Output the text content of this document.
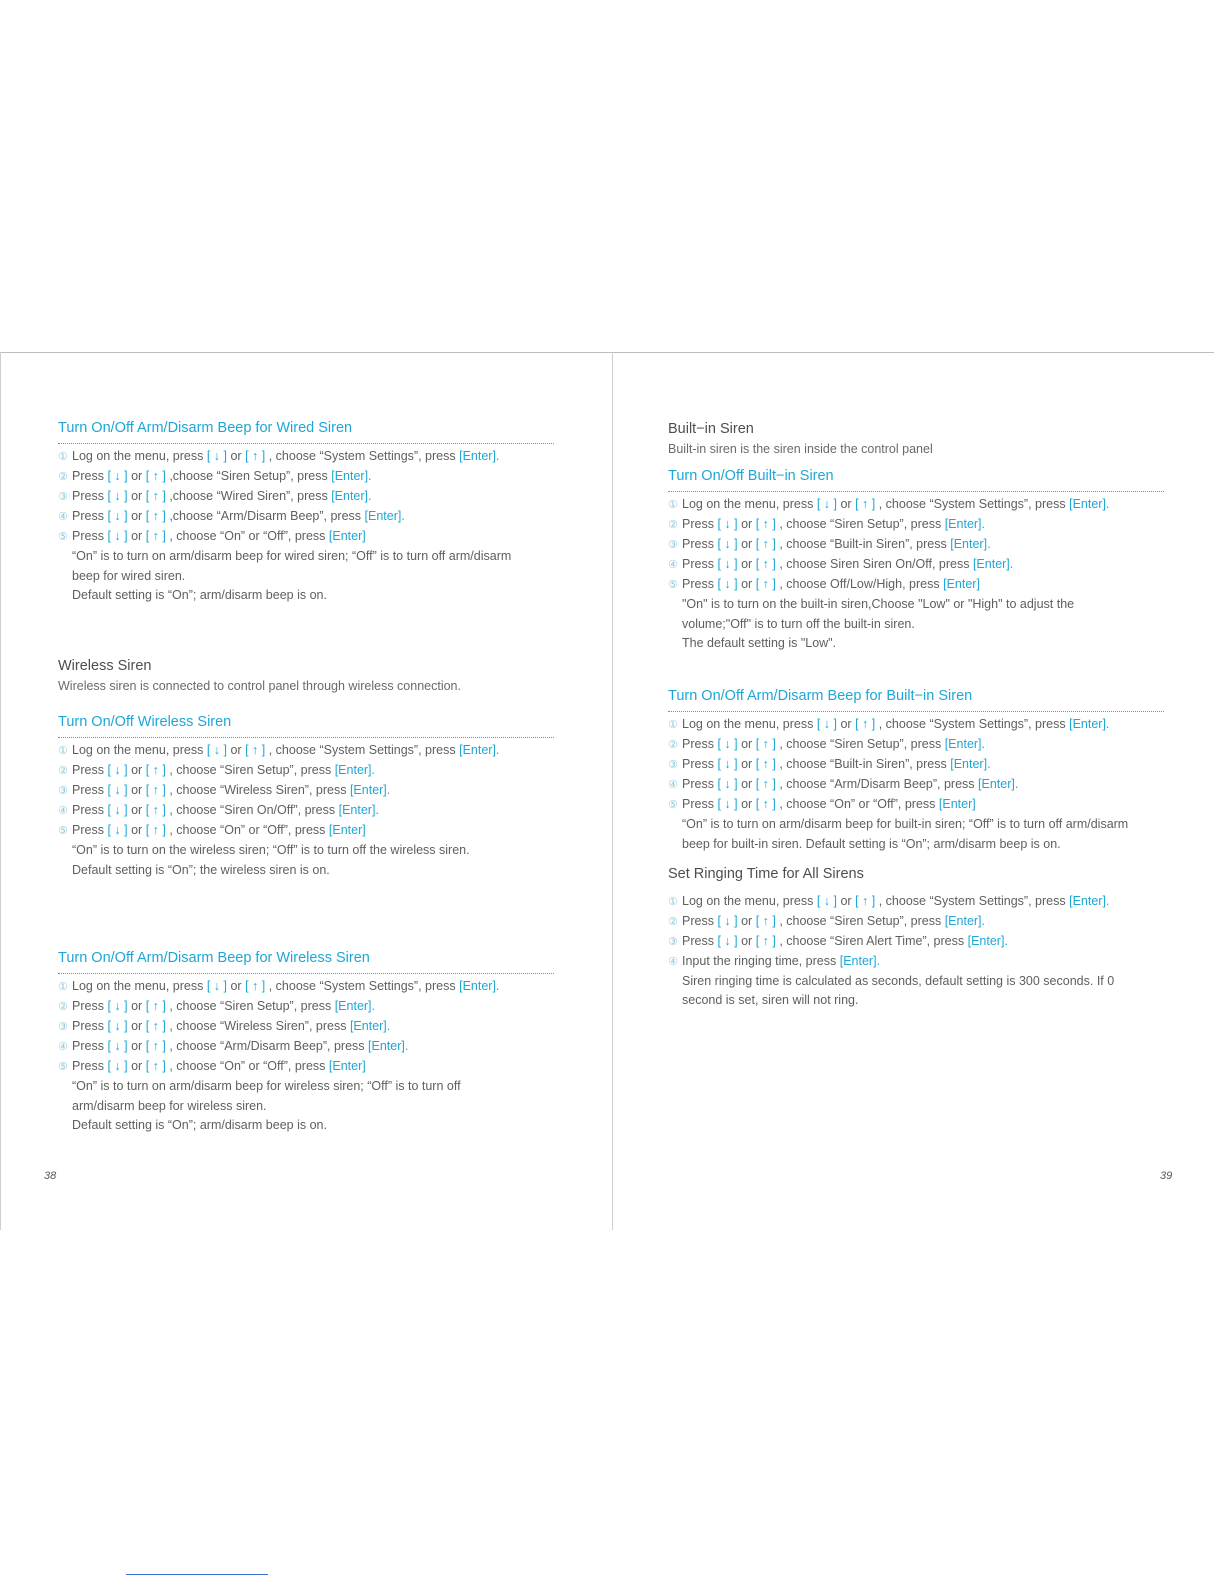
Turn On/Off Arm/Disarm Beep for Wired Siren
① Log on the menu, press [ ↓ ] or [ ↑ ] , choose “System Settings”, press [Enter].
② Press [ ↓ ] or [ ↑ ] ,choose “Siren Setup”, press [Enter].
③ Press [ ↓ ] or [ ↑ ] ,choose “Wired Siren”, press [Enter].
④ Press [ ↓ ] or [ ↑ ] ,choose “Arm/Disarm Beep”, press [Enter].
⑤ Press [ ↓ ] or [ ↑ ] , choose “On” or “Off”, press [Enter]
“On” is to turn on arm/disarm beep for wired siren; “Off” is to turn off arm/disarm
beep for wired siren.
Default setting is “On”; arm/disarm beep is on.
Wireless Siren
Wireless siren is connected to control panel through wireless connection.
Turn On/Off Wireless Siren
① Log on the menu, press [ ↓ ] or [ ↑ ] , choose “System Settings”, press [Enter].
② Press [ ↓ ] or [ ↑ ] , choose “Siren Setup”, press [Enter].
③ Press [ ↓ ] or [ ↑ ] , choose “Wireless Siren”, press [Enter].
④ Press [ ↓ ] or [ ↑ ] , choose “Siren On/Off”, press [Enter].
⑤ Press [ ↓ ] or [ ↑ ] , choose “On” or “Off”, press [Enter]
“On” is to turn on the wireless siren; “Off” is to turn off the wireless siren.
Default setting is “On”; the wireless siren is on.
Turn On/Off Arm/Disarm Beep for Wireless Siren
① Log on the menu, press [ ↓ ] or [ ↑ ] , choose “System Settings”, press [Enter].
② Press [ ↓ ] or [ ↑ ] , choose “Siren Setup”, press [Enter].
③ Press [ ↓ ] or [ ↑ ] , choose “Wireless Siren”, press [Enter].
④ Press [ ↓ ] or [ ↑ ] , choose “Arm/Disarm Beep”, press [Enter].
⑤ Press [ ↓ ] or [ ↑ ] , choose “On” or “Off”, press [Enter]
“On” is to turn on arm/disarm beep for wireless siren; “Off” is to turn off
arm/disarm beep for wireless siren.
Default setting is “On”; arm/disarm beep is on.
38
Built−in Siren
Built-in siren is the siren inside the control panel
Turn On/Off Built−in Siren
① Log on the menu, press [ ↓ ] or [ ↑ ] , choose “System Settings”, press [Enter].
② Press [ ↓ ] or [ ↑ ] , choose “Siren Setup”, press [Enter].
③ Press [ ↓ ] or [ ↑ ] , choose “Built-in Siren”, press [Enter].
④ Press [ ↓ ] or [ ↑ ] , choose Siren Siren On/Off, press [Enter].
⑤ Press [ ↓ ] or [ ↑ ] , choose Off/Low/High, press [Enter]
"On" is to turn on the built-in siren,Choose "Low" or "High" to adjust the
volume;"Off" is to turn off the built-in siren.
The default setting is "Low".
Turn On/Off Arm/Disarm Beep for Built−in Siren
① Log on the menu, press [ ↓ ] or [ ↑ ] , choose “System Settings”, press [Enter].
② Press [ ↓ ] or [ ↑ ] , choose “Siren Setup”, press [Enter].
③ Press [ ↓ ] or [ ↑ ] , choose “Built-in Siren”, press [Enter].
④ Press [ ↓ ] or [ ↑ ] , choose “Arm/Disarm Beep”, press [Enter].
⑤ Press [ ↓ ] or [ ↑ ] , choose “On” or “Off”, press [Enter]
“On” is to turn on arm/disarm beep for built-in siren; “Off” is to turn off arm/disarm
beep for built-in siren. Default setting is “On”; arm/disarm beep is on.
Set Ringing Time for All Sirens
① Log on the menu, press [ ↓ ] or [ ↑ ] , choose “System Settings”, press [Enter].
② Press [ ↓ ] or [ ↑ ] , choose “Siren Setup”, press [Enter].
③ Press [ ↓ ] or [ ↑ ] , choose “Siren Alert Time”, press [Enter].
④ Input the ringing time, press [Enter].
Siren ringing time is calculated as seconds, default setting is 300 seconds. If 0
second is set, siren will not ring.
39
